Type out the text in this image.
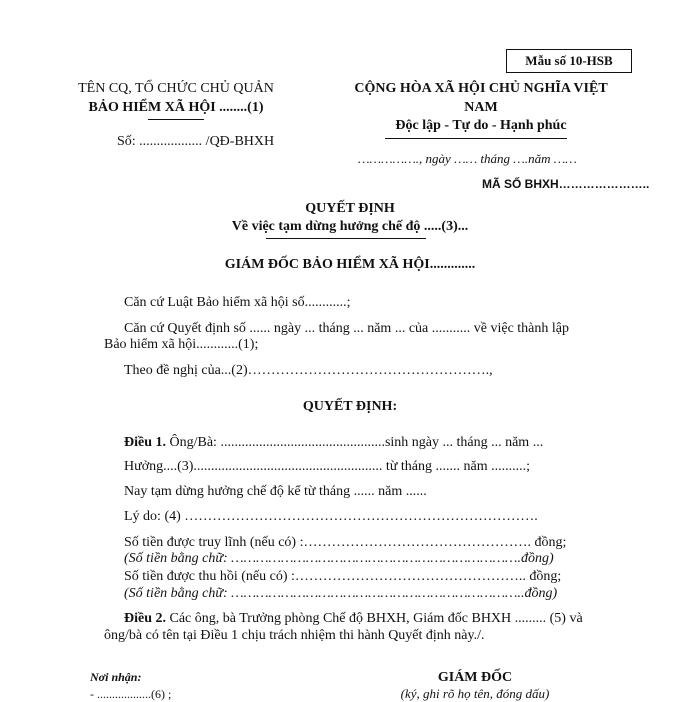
Mẫu số 10-HSB
TÊN CQ, TỔ CHỨC CHỦ QUẢN
BẢO HIỂM XÃ HỘI ........(1)
Số: .................. /QĐ-BHXH
CỘNG HÒA XÃ HỘI CHỦ NGHĨA VIỆT
NAM
Độc lập - Tự do - Hạnh phúc
……………., ngày …… tháng ….năm ……
MÃ SỐ BHXH…………………..
QUYẾT ĐỊNH
Về việc tạm dừng hưởng chế độ .....(3)...
GIÁM ĐỐC BẢO HIỂM XÃ HỘI.............
Căn cứ Luật Bảo hiểm xã hội số............;
Căn cứ Quyết định số ...... ngày ... tháng ... năm ... của ........... về việc thành lập
Bảo hiểm xã hội............(1);
Theo đề nghị của...(2)…………………………………………….,
QUYẾT ĐỊNH:
Điều 1. Ông/Bà: ...............................................sinh ngày ... tháng ... năm ...
Hưởng....(3)...................................................... từ tháng ....... năm ..........;
Nay tạm dừng hưởng chế độ kể từ tháng ...... năm ......
Lý do: (4) ………………………………………………………………….
Số tiền được truy lĩnh (nếu có) :…………………………………………. đồng;
(Số tiền bằng chữ: …………………………………………………………….đồng)
Số tiền được thu hồi (nếu có) :………………………………………….. đồng;
(Số tiền bằng chữ: ……………………………………………………………..đồng)
Điều 2. Các ông, bà Trưởng phòng Chế độ BHXH, Giám đốc BHXH ......... (5) và
ông/bà có tên tại Điều 1 chịu trách nhiệm thi hành Quyết định này./.
Nơi nhận:
- ..................(6) ;
GIÁM ĐỐC
(ký, ghi rõ họ tên, đóng dấu)
